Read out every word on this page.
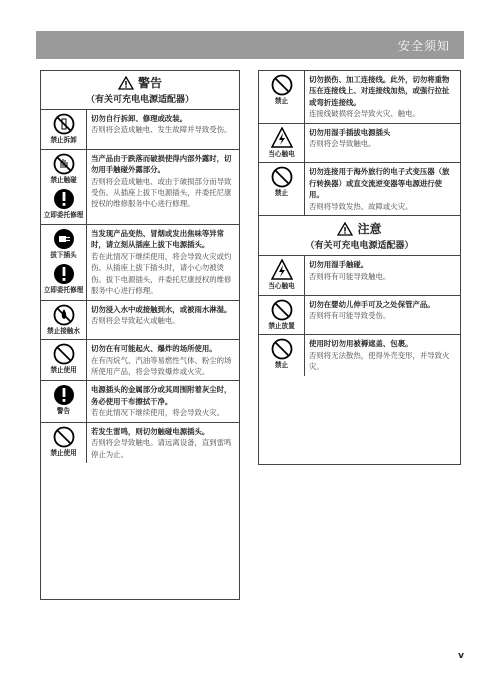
安全须知
警告
（有关可充电电源适配器）
禁止拆卸
切勿自行拆卸、修理或改装。
否则将会造成触电、发生故障并导致受伤。
禁止触碰
立即委托修理
当产品由于跌落而破损使得内部外露时，切勿用手触碰外露部分。
否则将会造成触电、或由于破损部分而导致受伤。从插座上拔下电源插头，并委托尼康授权的维修服务中心进行修理。
拔下插头
立即委托修理
当发现产品变热、冒烟或发出焦味等异常时，请立刻从插座上拔下电源插头。
若在此情况下继续使用，将会导致火灾或灼伤。从插座上拔下插头时，请小心勿被烫伤。拔下电源插头，并委托尼康授权的维修服务中心进行修理。
禁止接触水
切勿浸入水中或接触到水，或被雨水淋湿。
否则将会导致起火或触电。
禁止使用
切勿在有可能起火、爆炸的场所使用。
在有丙烷气、汽油等易燃性气体、粉尘的场所使用产品，将会导致爆炸或火灾。
警告
电源插头的金属部分或其周围附着灰尘时，务必使用干布擦拭干净。
若在此情况下继续使用，将会导致火灾。
禁止使用
若发生雷鸣，则切勿触碰电源插头。
否则将会导致触电。请远离设备，直到雷鸣停止为止。
禁止
切勿损伤、加工连接线。此外，切勿将重物压在连接线上、对连接线加热，或强行拉扯或弯折连接线。
连接线破损将会导致火灾、触电。
当心触电
切勿用湿手插拔电源插头
否则将会导致触电。
禁止
切勿连接用于海外旅行的电子式变压器（旅行转换器）或直交流逆变器等电源进行使用。
否则将导致发热、故障或火灾。
注意
（有关可充电电源适配器）
当心触电
切勿用湿手触碰。
否则将有可能导致触电。
禁止放置
切勿在婴幼儿伸手可及之处保管产品。
否则将有可能导致受伤。
禁止
使用时切勿用被褥遮盖、包裹。
否则将无法散热，使得外壳变形，并导致火灾。
v
